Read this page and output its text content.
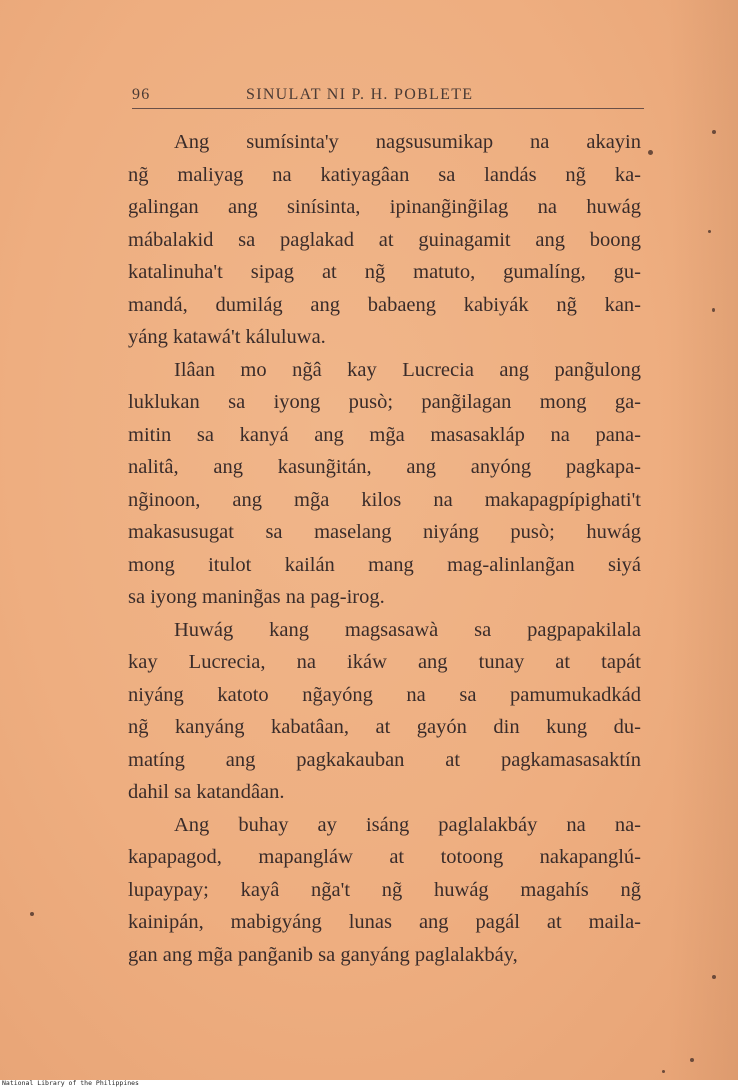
96	SINULAT NI P. H. POBLETE
Ang sumísinta'y nagsusumikap na akayin
ng̃ maliyag na katiyagâan sa landás ng̃ ka-
galingan ang sinísinta, ipinang̃ing̃ilag na huwág
mábalakid sa paglakad at guinagamit ang boong
katalinuha't sipag at ng̃ matuto, gumalíng, gu-
mandá, dumilág ang babaeng kabiyák ng̃ kan-
yáng katawá't káluluwa.
Ilâan mo ng̃â kay Lucrecia ang pang̃ulong
luklukan sa iyong pusò; pang̃ilagan mong ga-
mitin sa kanyá ang mg̃a masasakláp na pana-
nalitâ, ang kasung̃itán, ang anyóng pagkapa-
ng̃inoon, ang mg̃a kilos na makapagpípighati't
makasusugat sa maselang niyáng pusò; huwág
mong itulot kailán mang mag-alinlang̃an siyá
sa iyong maning̃as na pag-irog.
Huwág kang magsasawà sa pagpapakilala
kay Lucrecia, na ikáw ang tunay at tapát
niyáng katoto ng̃ayóng na sa pamumukadkád
ng̃ kanyáng kabatâan, at gayón din kung du-
matíng ang pagkakauban at pagkamasasaktín
dahil sa katandâan.
Ang buhay ay isáng paglalakbáy na na-
kapapagod, mapangláw at totoong nakapanglú-
lupaypay; kayâ ng̃a't ng̃ huwág magahís ng̃
kainipán, mabigyáng lunas ang pagál at maila-
gan ang mg̃a pang̃anib sa ganyáng paglalakbáy,
National Library of the Philippines
